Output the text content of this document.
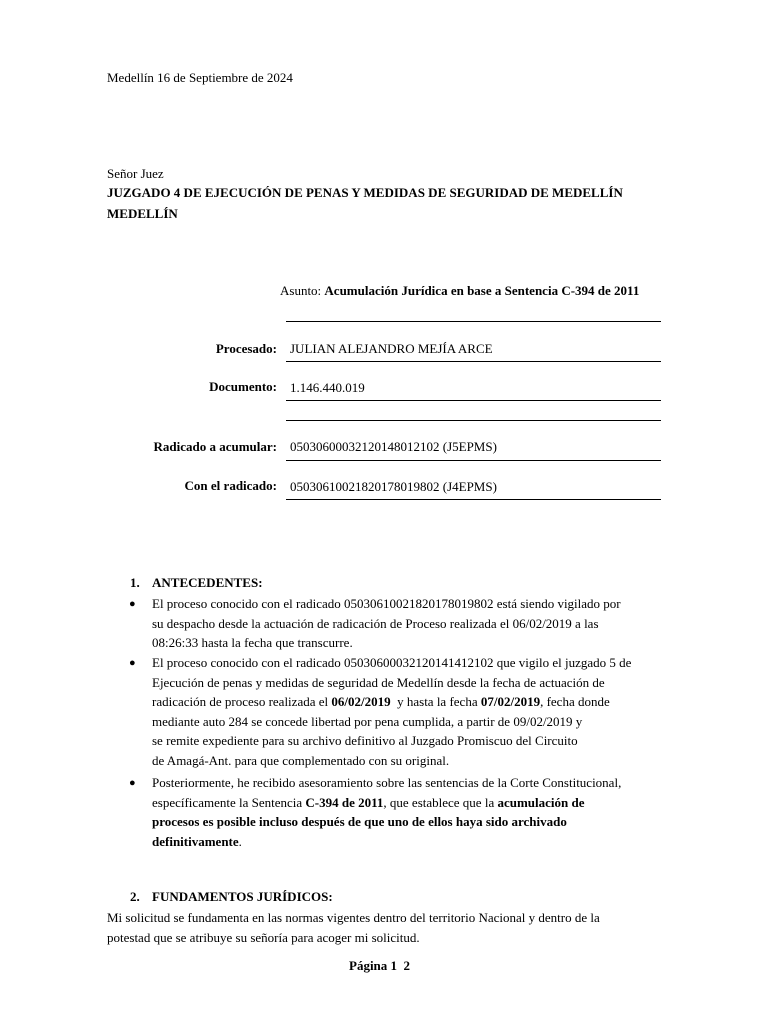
Medellín 16 de Septiembre de 2024
Señor Juez
JUZGADO 4 DE EJECUCIÓN DE PENAS Y MEDIDAS DE SEGURIDAD DE MEDELLÍN
MEDELLÍN
Asunto: Acumulación Jurídica en base a Sentencia C-394 de 2011
Procesado: JULIAN ALEJANDRO MEJÍA ARCE
Documento: 1.146.440.019
Radicado a acumular: 05030600032120148012102 (J5EPMS)
Con el radicado: 05030610021820178019802 (J4EPMS)
1. ANTECEDENTES:
● El proceso conocido con el radicado 05030610021820178019802 está siendo vigilado por
su despacho desde la actuación de radicación de Proceso realizada el 06/02/2019 a las
08:26:33 hasta la fecha que transcurre.
● El proceso conocido con el radicado 05030600032120141412102 que vigilo el juzgado 5 de
Ejecución de penas y medidas de seguridad de Medellín desde la fecha de actuación de
radicación de proceso realizada el 06/02/2019  y hasta la fecha 07/02/2019, fecha donde
mediante auto 284 se concede libertad por pena cumplida, a partir de 09/02/2019 y
se remite expediente para su archivo definitivo al Juzgado Promiscuo del Circuito
de Amagá-Ant. para que complementado con su original.
● Posteriormente, he recibido asesoramiento sobre las sentencias de la Corte Constitucional,
específicamente la Sentencia C-394 de 2011, que establece que la acumulación de
procesos es posible incluso después de que uno de ellos haya sido archivado
definitivamente.
2. FUNDAMENTOS JURÍDICOS:
Mi solicitud se fundamenta en las normas vigentes dentro del territorio Nacional y dentro de la
potestad que se atribuye su señoría para acoger mi solicitud.
Página 1  2
